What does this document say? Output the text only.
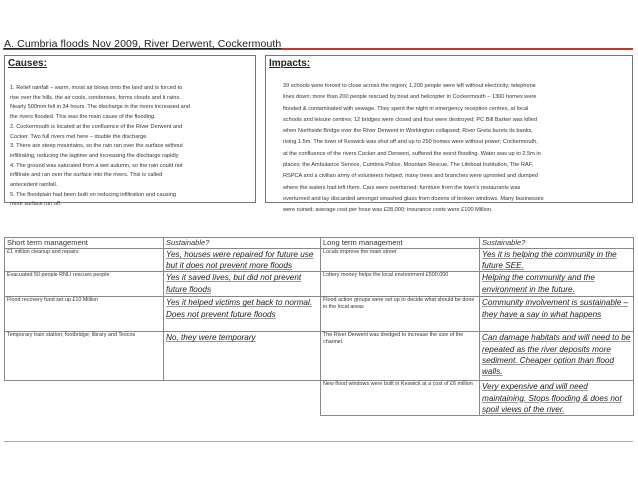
A. Cumbria floods Nov 2009, River Derwent, Cockermouth
Causes:
1. Relief rainfall – warm, moist air blows onto the land and is forced to
rise over the hills, the air cools, condenses, forms clouds and it rains.
Nearly 500mm fell in 34 hours. The discharge in the rivers increased and
the rivers flooded. This was the main cause of the flooding.
2. Cockermouth is located at the confluence of the River Derwent and
Cocker. Two full rivers met here – double the discharge.
3. There are steep mountains, so the rain ran over the surface without
infiltrating, reducing the lagtime and increasing the discharge rapidly
4. The ground was saturated from a wet autumn, so the rain could not
infiltrate and ran over the surface into the rivers. This is called
antecedent rainfall.
5. The floodplain had been built on reducing infiltration and causing
more surface run off.
Impacts:
39 schools were forced to close across the region; 1,200 people were left without electricity; telephone
lines down; more than 200 people rescued by boat and helicopter in Cockermouth – 1300 homes were
flooded & contaminated with sewage. They spent the night in emergency reception centres, at local
schools and leisure centres; 12 bridges were closed and four were destroyed; PC Bill Barker was killed
when Northside Bridge over the River Derwent in Workington collapsed; River Greta bursts its banks,
rising 1.5m. The town of Keswick was shut off and up to 250 homes were without power; Cockermouth,
at the confluence of the rivers Cocker and Derwent, suffered the worst flooding. Water was up to 2.5m in
places; the Ambulance Service, Cumbria Police, Mountain Rescue, The Lifeboat Institution, The RAF,
RSPCA and a civilian army of volunteers helped; many trees and branches were uprooted and dumped
where the waters had left them. Cars were overturned; furniture from the town's restaurants was
overturned and lay discarded amongst smashed glass from dozens of broken windows. Many businesses
were ruined; average cost per hose was £28,000; insurance costs were £100 Million.
Short term management	Sustainable?	Long term management	Sustainable?
£1 million cleanup and repairs	Yes, houses were repaired for future use but it does not prevent more floods	Locals improve the main street	Yes it is helping the community in the future SEE.
Evacuated 50 people RNLI rescues people	Yes it saved lives, but did not prevent future floods	Lottery money helps the local environment £500,000	Helping the community and the environment in the future.
Flood recovery fund set up £10 Million	Yes it helped victims get back to normal. Does not prevent future floods	Flood action groups were set up to decide what should be done in the local areas	Community involvement is sustainable – they have a say in what happens
Temporary train station; footbridge; library and Tescos	No, they were temporary	The River Derwent was dredged to increase the size of the channel.	Can damage habitats and will need to be repeated as the river deposits more sediment. Cheaper option than flood walls.
		New flood windows were built in Keswick at a cost of £6 million	Very expensive and will need maintaining. Stops flooding & does not spoil views of the river.
